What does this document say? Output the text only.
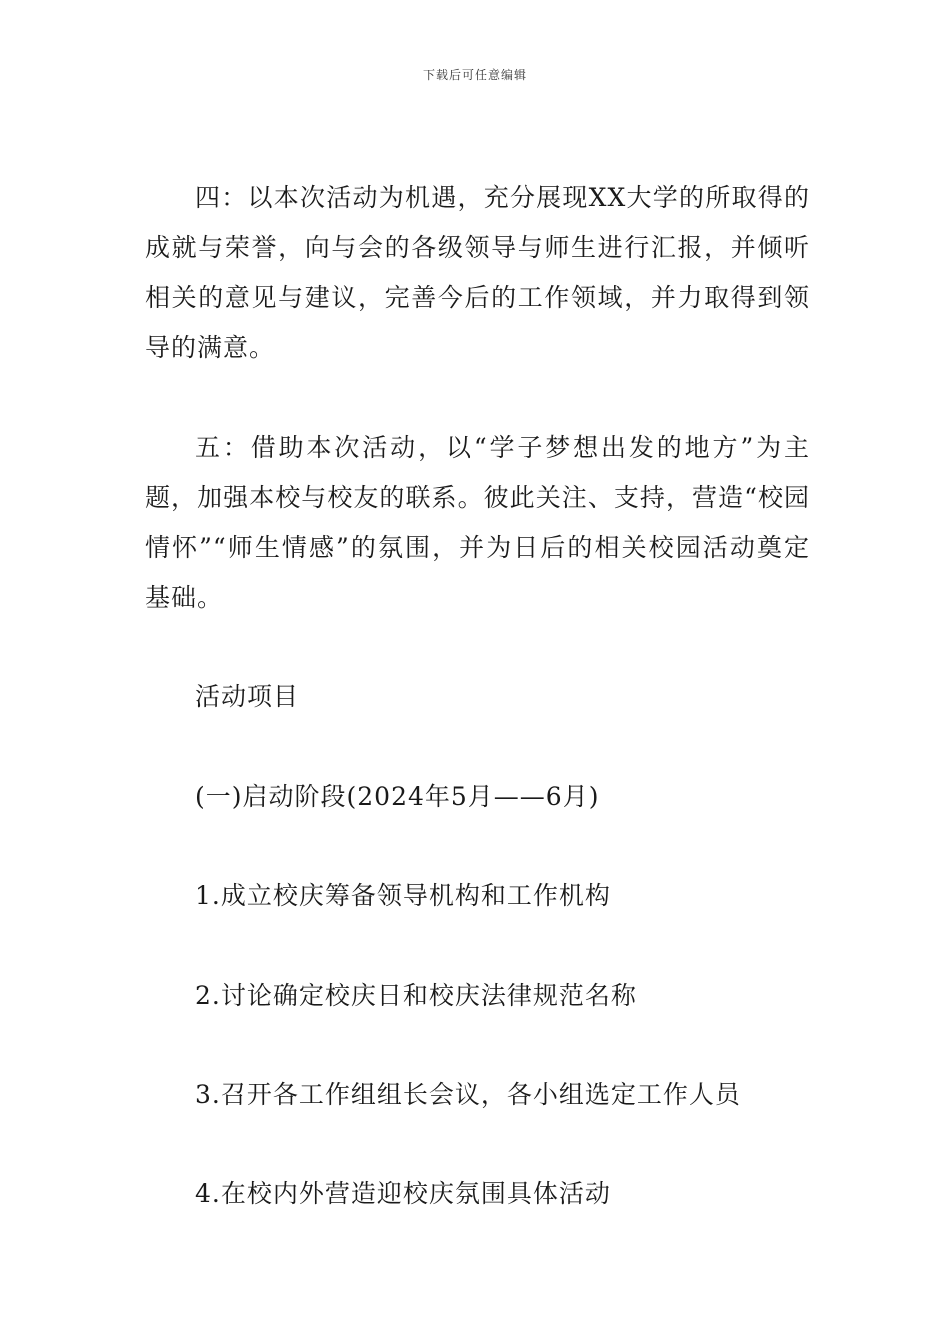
下载后可任意编辑

四：以本次活动为机遇，充分展现XX大学的所取得的成就与荣誉，向与会的各级领导与师生进行汇报，并倾听相关的意见与建议，完善今后的工作领域，并力取得到领导的满意。

五：借助本次活动，以“学子梦想出发的地方”为主题，加强本校与校友的联系。彼此关注、支持，营造“校园情怀”“师生情感”的氛围，并为日后的相关校园活动奠定基础。

活动项目

(一)启动阶段(2024年5月——6月)

1.成立校庆筹备领导机构和工作机构

2.讨论确定校庆日和校庆法律规范名称

3.召开各工作组组长会议，各小组选定工作人员

4.在校内外营造迎校庆氛围具体活动
